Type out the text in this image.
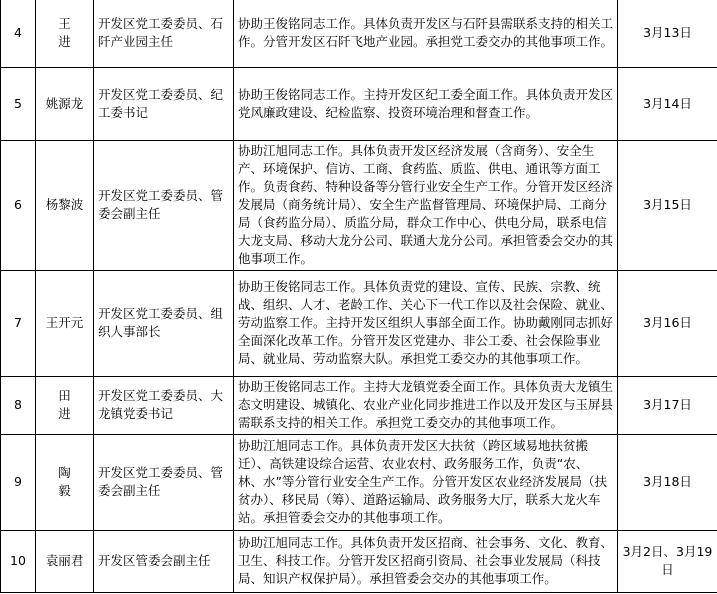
4	王进	开发区党工委委员、石阡产业园主任	协助王俊铭同志工作。具体负责开发区与石阡县需联系支持的相关工作。分管开发区石阡飞地产业园。承担党工委交办的其他事项工作。	3月13日
5	姚源龙	开发区党工委委员、纪工委书记	协助王俊铭同志工作。主持开发区纪工委全面工作。具体负责开发区党风廉政建设、纪检监察、投资环境治理和督查工作。	3月14日
6	杨黎波	开发区党工委委员、管委会副主任	协助江旭同志工作。具体负责开发区经济发展（含商务）、安全生产、环境保护、信访、工商、食药监、质监、供电、通讯等方面工作。负责食药、特种设备等分管行业安全生产工作。分管开发区经济发展局（商务统计局）、安全生产监督管理局、环境保护局、工商分局（食药监分局）、质监分局，群众工作中心、供电分局，联系电信大龙支局、移动大龙分公司、联通大龙分公司。承担管委会交办的其他事项工作。	3月15日
7	王开元	开发区党工委委员、组织人事部长	协助王俊铭同志工作。具体负责党的建设、宣传、民族、宗教、统战、组织、人才、老龄工作、关心下一代工作以及社会保险、就业、劳动监察工作。主持开发区组织人事部全面工作。协助戴刚同志抓好全面深化改革工作。分管开发区党建办、非公工委、社会保险事业局、就业局、劳动监察大队。承担党工委交办的其他事项工作。	3月16日
8	田进	开发区党工委委员、大龙镇党委书记	协助王俊铭同志工作。主持大龙镇党委全面工作。具体负责大龙镇生态文明建设、城镇化、农业产业化同步推进工作以及开发区与玉屏县需联系支持的相关工作。承担党工委交办的其他事项工作。	3月17日
9	陶毅	开发区党工委委员、管委会副主任	协助江旭同志工作。具体负责开发区大扶贫（跨区域易地扶贫搬迁）、高铁建设综合运营、农业农村、政务服务工作，负责“农、林、水”等分管行业安全生产工作。分管开发区农业经济发展局（扶贫办）、移民局（筹）、道路运输局、政务服务大厅，联系大龙火车站。承担管委会交办的其他事项工作。	3月18日
10	袁丽君	开发区管委会副主任	协助江旭同志工作。具体负责开发区招商、社会事务、文化、教育、卫生、科技工作。分管开发区招商引资局、社会事业发展局（科技局、知识产权保护局）。承担管委会交办的其他事项工作。	3月2日、3月19日
